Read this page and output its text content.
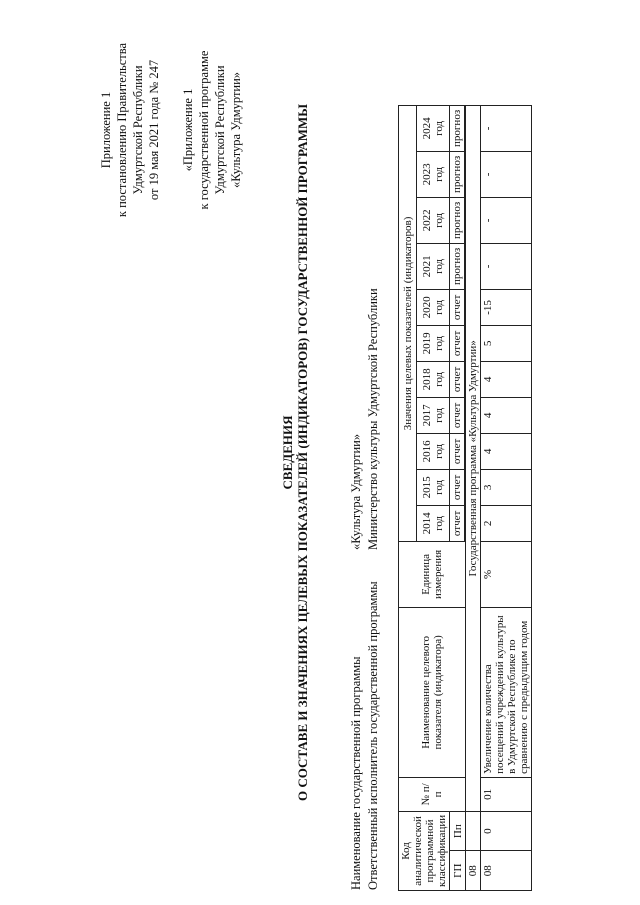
Приложение 1 к постановлению Правительства Удмуртской Республики от 19 мая 2021 года № 247 «Приложение 1 к государственной программе Удмуртской Республики «Культура Удмуртии»
СВЕДЕНИЯ О СОСТАВЕ И ЗНАЧЕНИЯХ ЦЕЛЕВЫХ ПОКАЗАТЕЛЕЙ (ИНДИКАТОРОВ) ГОСУДАРСТВЕННОЙ ПРОГРАММЫ	Наименование государственной программы
«Культура Удмуртии»
Ответственный исполнитель государственной программы
Министерство культуры Удмуртской Республики
Код аналитической программной классификации		№ п/п	Наименование целевого показателя (индикатора)	Единица измерения	Значения целевых показателей (индикаторов)										
					2014 год	2015 год	2016 год	2017 год	2018 год	2019 год	2020 год	2021 год	2022 год	2023 год	2024 год
ГП	Пп				отчет	отчет	отчет	отчет	отчет	отчет	отчет	прогноз	прогноз	прогноз	прогноз

08		Государственная программа «Культура Удмуртии»													
08	0	01	Увеличение количества посещений учреждений культуры в Удмуртской Республике по сравнению с предыдущим годом	%	2	3	4	4	4	5	-15	-	-	-	-
